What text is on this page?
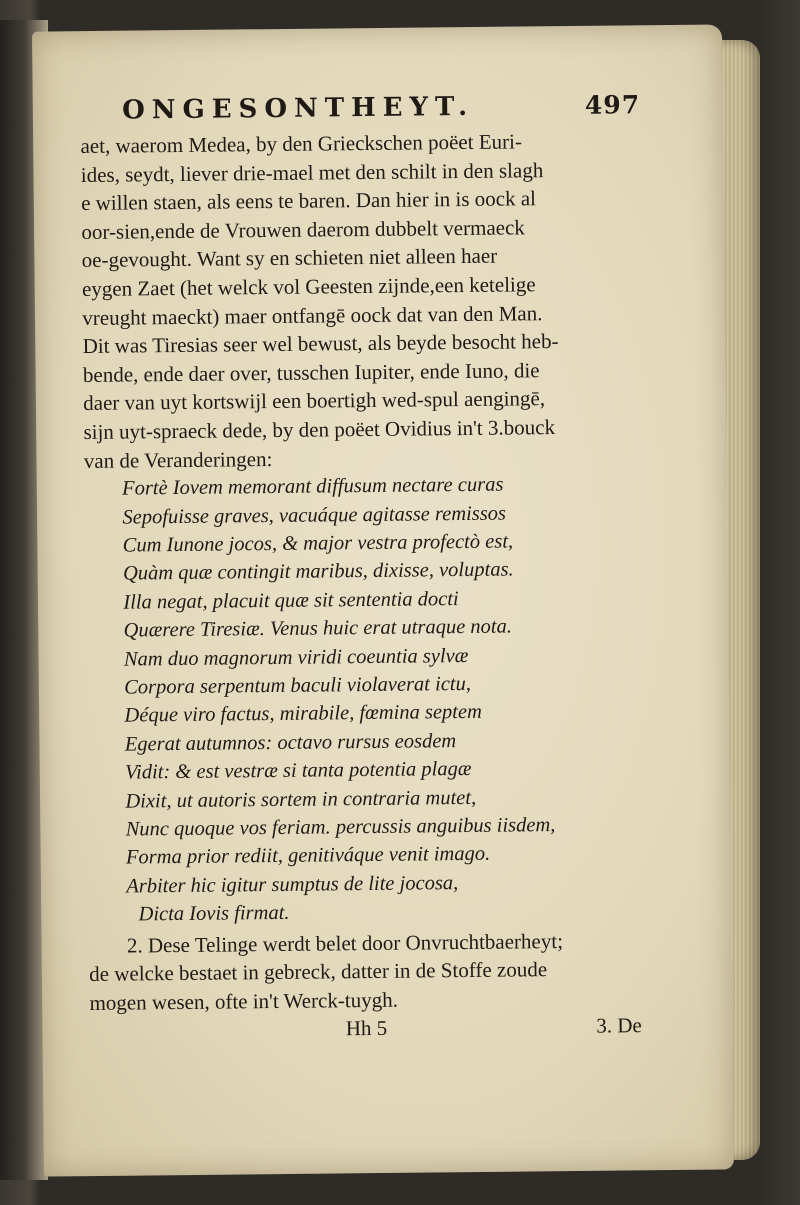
ONGESONTHEYT.	497
aet, waerom Medea, by den Grieckschen poëet Euri-
ides, seydt, liever drie-mael met den schilt in den slagh
e willen staen, als eens te baren. Dan hier in is oock al
oor-sien,ende de Vrouwen daerom dubbelt vermaeck
oe-gevought. Want sy en schieten niet alleen haer
eygen Zaet (het welck vol Geesten zijnde,een ketelige
vreught maeckt) maer ontfangē oock dat van den Man.
Dit was Tiresias seer wel bewust, als beyde besocht heb-
bende, ende daer over, tusschen Iupiter, ende Iuno, die
daer van uyt kortswijl een boertigh wed-spul aengingē,
sijn uyt-spraeck dede, by den poëet Ovidius in't 3.bouck
van de Veranderingen:
Fortè Iovem memorant diffusum nectare curas
Sepofuisse graves, vacuáque agitasse remissos
Cum Iunone jocos, & major vestra profectò est,
Quàm quæ contingit maribus, dixisse, voluptas.
Illa negat, placuit quæ sit sententia docti
Quærere Tiresiæ. Venus huic erat utraque nota.
Nam duo magnorum viridi coeuntia sylvæ
Corpora serpentum baculi violaverat ictu,
Déque viro factus, mirabile, fœmina septem
Egerat autumnos: octavo rursus eosdem
Vidit: & est vestræ si tanta potentia plagæ
Dixit, ut autoris sortem in contraria mutet,
Nunc quoque vos feriam. percussis anguibus iisdem,
Forma prior rediit, genitiváque venit imago.
Arbiter hic igitur sumptus de lite jocosa,
Dicta Iovis firmat.
2. Dese Telinge werdt belet door Onvruchtbaerheyt;
de welcke bestaet in gebreck, datter in de Stoffe zoude
mogen wesen, ofte in't Werck-tuygh.
Hh 5	3. De
